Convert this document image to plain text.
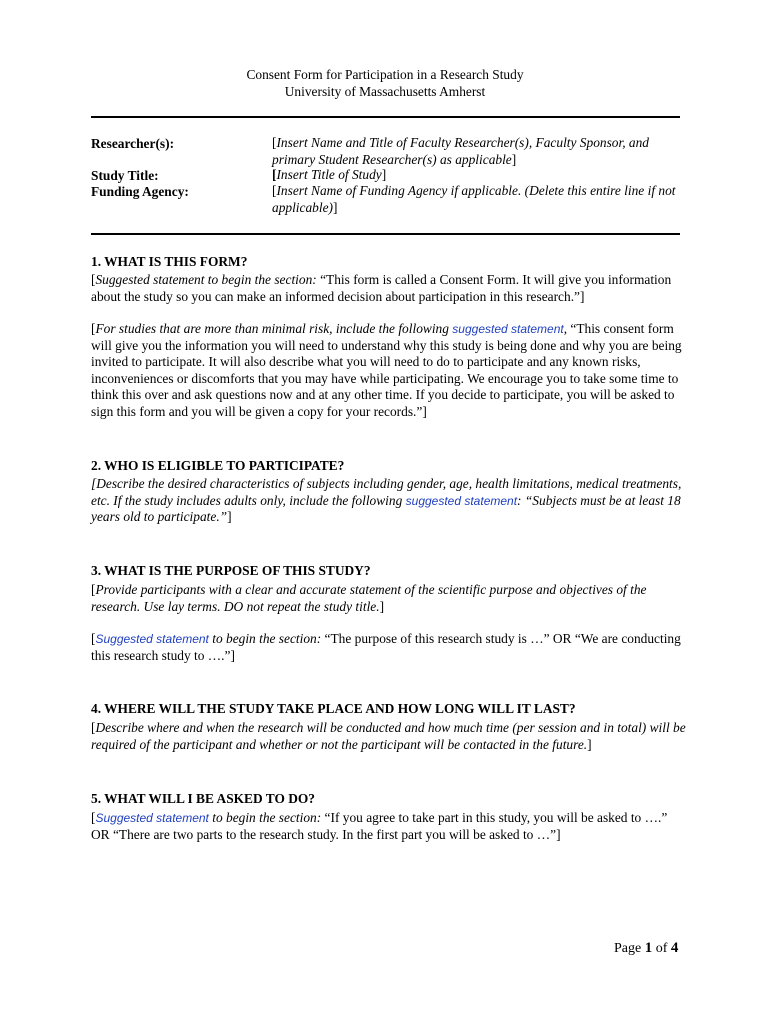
Consent Form for Participation in a Research Study
University of Massachusetts Amherst
Researcher(s):	[Insert Name and Title of Faculty Researcher(s), Faculty Sponsor, and primary Student Researcher(s) as applicable]
Study Title:	[Insert Title of Study]
Funding Agency:	[Insert Name of Funding Agency if applicable. (Delete this entire line if not applicable)]
1. WHAT IS THIS FORM?
[Suggested statement to begin the section: “This form is called a Consent Form. It will give you information about the study so you can make an informed decision about participation in this research.”]
[For studies that are more than minimal risk, include the following suggested statement, “This consent form will give you the information you will need to understand why this study is being done and why you are being invited to participate. It will also describe what you will need to do to participate and any known risks, inconveniences or discomforts that you may have while participating. We encourage you to take some time to think this over and ask questions now and at any other time. If you decide to participate, you will be asked to sign this form and you will be given a copy for your records.”]
2. WHO IS ELIGIBLE TO PARTICIPATE?
[Describe the desired characteristics of subjects including gender, age, health limitations, medical treatments, etc. If the study includes adults only, include the following suggested statement: “Subjects must be at least 18 years old to participate.”]
3. WHAT IS THE PURPOSE OF THIS STUDY?
[Provide participants with a clear and accurate statement of the scientific purpose and objectives of the research. Use lay terms. DO not repeat the study title.]
[Suggested statement to begin the section: “The purpose of this research study is …” OR “We are conducting this research study to ….”]
4. WHERE WILL THE STUDY TAKE PLACE AND HOW LONG WILL IT LAST?
[Describe where and when the research will be conducted and how much time (per session and in total) will be required of the participant and whether or not the participant will be contacted in the future.]
5. WHAT WILL I BE ASKED TO DO?
[Suggested statement to begin the section: “If you agree to take part in this study, you will be asked to ….” OR “There are two parts to the research study. In the first part you will be asked to …”]
Page 1 of 4
